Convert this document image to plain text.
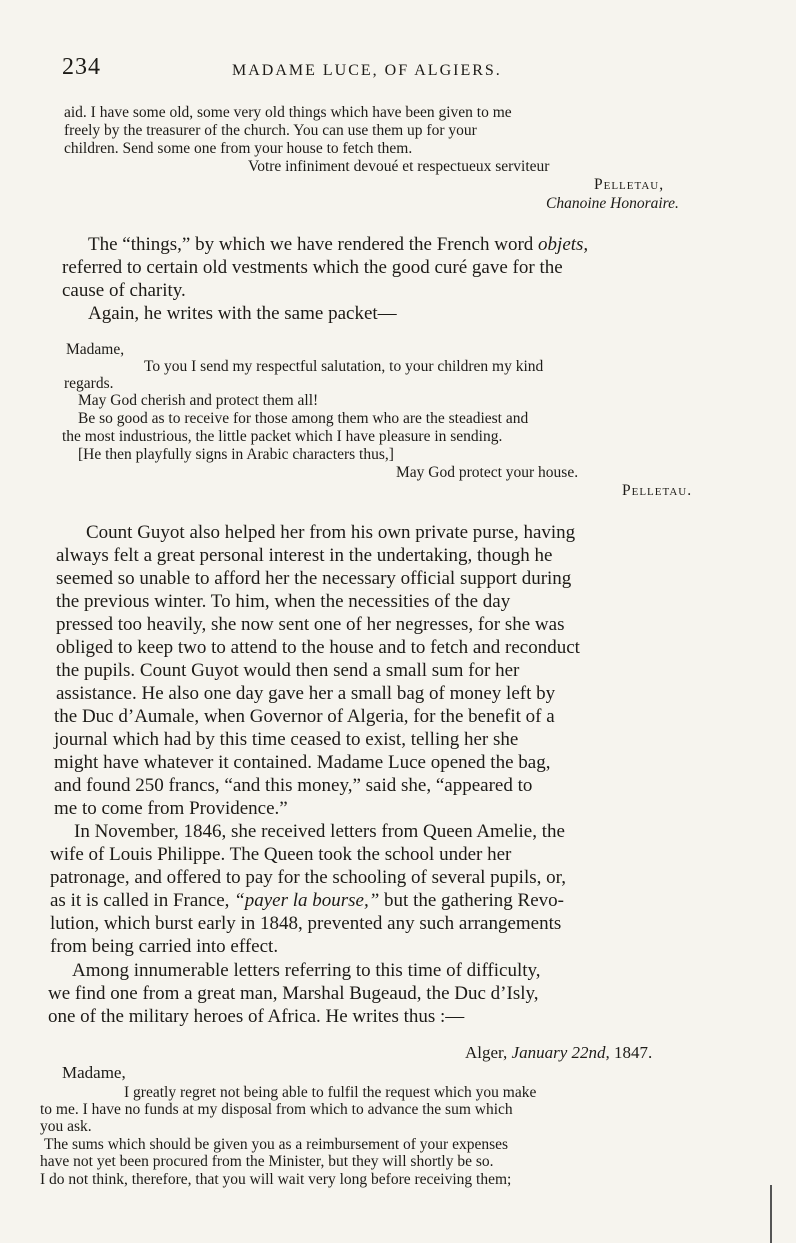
234	MADAME LUCE, OF ALGIERS.
aid. I have some old, some very old things which have been given to me
freely by the treasurer of the church. You can use them up for your
children. Send some one from your house to fetch them.
Votre infiniment devoué et respectueux serviteur
Pelletau,
Chanoine Honoraire.
The “things,” by which we have rendered the French word objets,
referred to certain old vestments which the good curé gave for the
cause of charity.
Again, he writes with the same packet—
Madame,
To you I send my respectful salutation, to your children my kind
regards.
May God cherish and protect them all!
Be so good as to receive for those among them who are the steadiest and
the most industrious, the little packet which I have pleasure in sending.
[He then playfully signs in Arabic characters thus,]
May God protect your house.
Pelletau.
Count Guyot also helped her from his own private purse, having
always felt a great personal interest in the undertaking, though he
seemed so unable to afford her the necessary official support during
the previous winter. To him, when the necessities of the day
pressed too heavily, she now sent one of her negresses, for she was
obliged to keep two to attend to the house and to fetch and reconduct
the pupils. Count Guyot would then send a small sum for her
assistance. He also one day gave her a small bag of money left by
the Duc d’Aumale, when Governor of Algeria, for the benefit of a
journal which had by this time ceased to exist, telling her she
might have whatever it contained. Madame Luce opened the bag,
and found 250 francs, “and this money,” said she, “appeared to
me to come from Providence.”
In November, 1846, she received letters from Queen Amelie, the
wife of Louis Philippe. The Queen took the school under her
patronage, and offered to pay for the schooling of several pupils, or,
as it is called in France, “payer la bourse,” but the gathering Revo-
lution, which burst early in 1848, prevented any such arrangements
from being carried into effect.
Among innumerable letters referring to this time of difficulty,
we find one from a great man, Marshal Bugeaud, the Duc d’Isly,
one of the military heroes of Africa. He writes thus :—
Alger, January 22nd, 1847.
Madame,
I greatly regret not being able to fulfil the request which you make
to me. I have no funds at my disposal from which to advance the sum which
you ask.
The sums which should be given you as a reimbursement of your expenses
have not yet been procured from the Minister, but they will shortly be so.
I do not think, therefore, that you will wait very long before receiving them;
